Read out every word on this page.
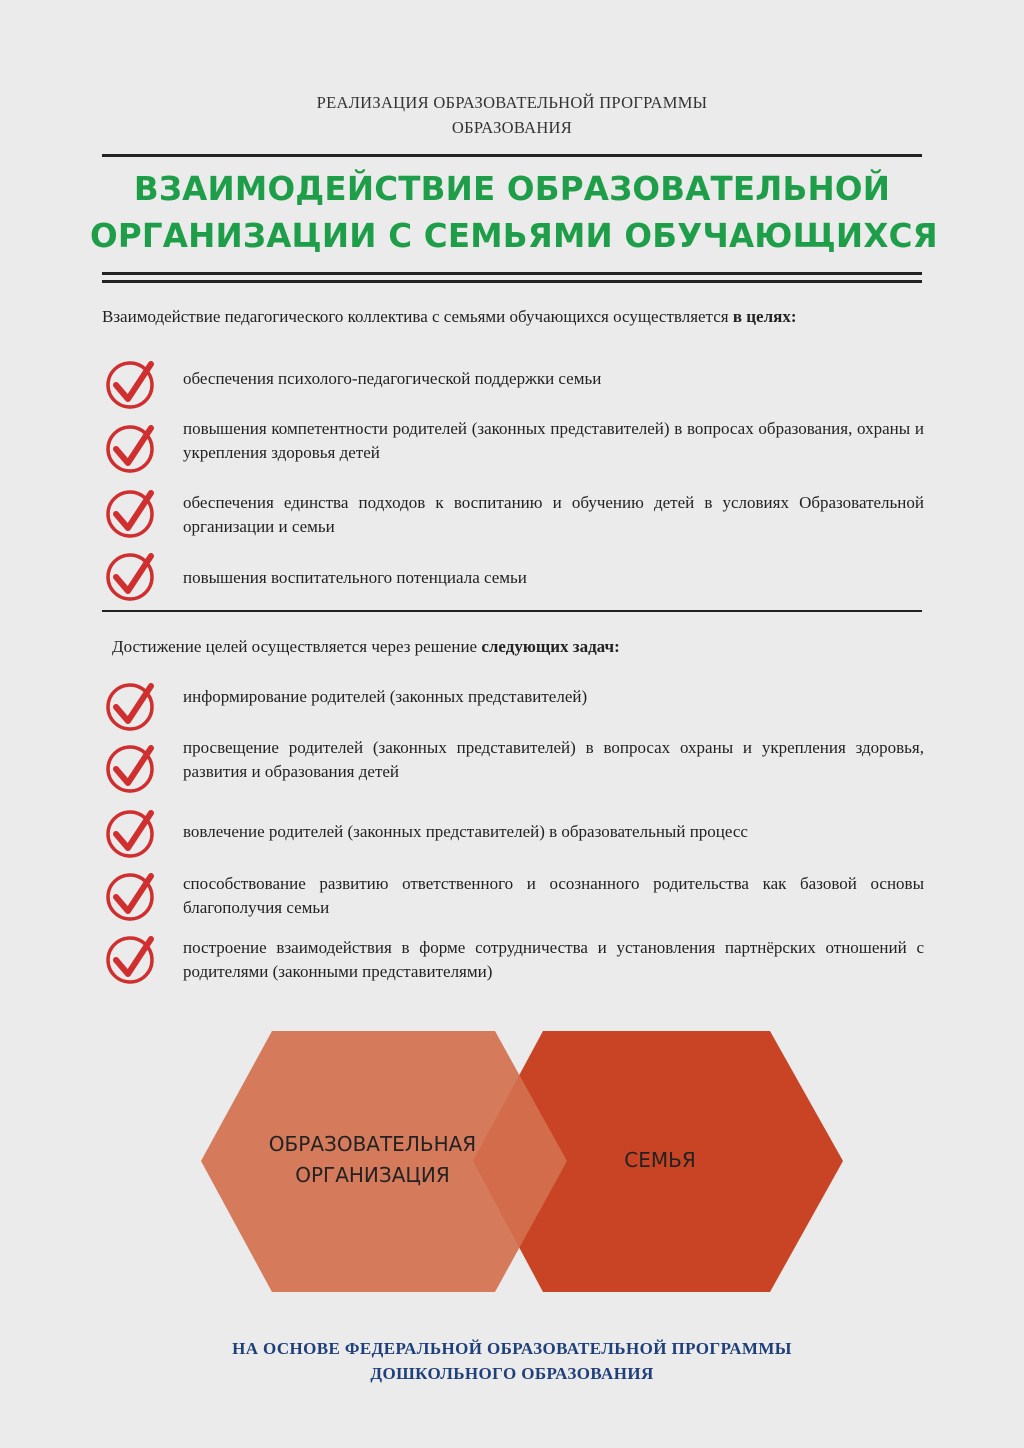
РЕАЛИЗАЦИЯ ОБРАЗОВАТЕЛЬНОЙ ПРОГРАММЫ
ОБРАЗОВАНИЯ
ВЗАИМОДЕЙСТВИЕ ОБРАЗОВАТЕЛЬНОЙ
ОРГАНИЗАЦИИ С СЕМЬЯМИ ОБУЧАЮЩИХСЯ
Взаимодействие педагогического коллектива с семьями обучающихся осуществляется в целях:
обеспечения психолого-педагогической поддержки семьи
повышения компетентности родителей (законных представителей) в вопросах образования, охраны и укрепления здоровья детей
обеспечения единства подходов к воспитанию и обучению детей в условиях Образовательной организации и семьи
повышения воспитательного потенциала семьи
Достижение целей осуществляется через решение следующих задач:
информирование родителей (законных представителей)
просвещение родителей (законных представителей) в вопросах охраны и укрепления здоровья, развития и образования детей
вовлечение родителей (законных представителей) в образовательный процесс
способствование развитию ответственного и осознанного родительства как базовой основы благополучия семьи
построение взаимодействия в форме сотрудничества и установления партнёрских отношений с родителями (законными представителями)
ОБРАЗОВАТЕЛЬНАЯ
ОРГАНИЗАЦИЯ
СЕМЬЯ
НА ОСНОВЕ ФЕДЕРАЛЬНОЙ ОБРАЗОВАТЕЛЬНОЙ ПРОГРАММЫ
ДОШКОЛЬНОГО ОБРАЗОВАНИЯ
